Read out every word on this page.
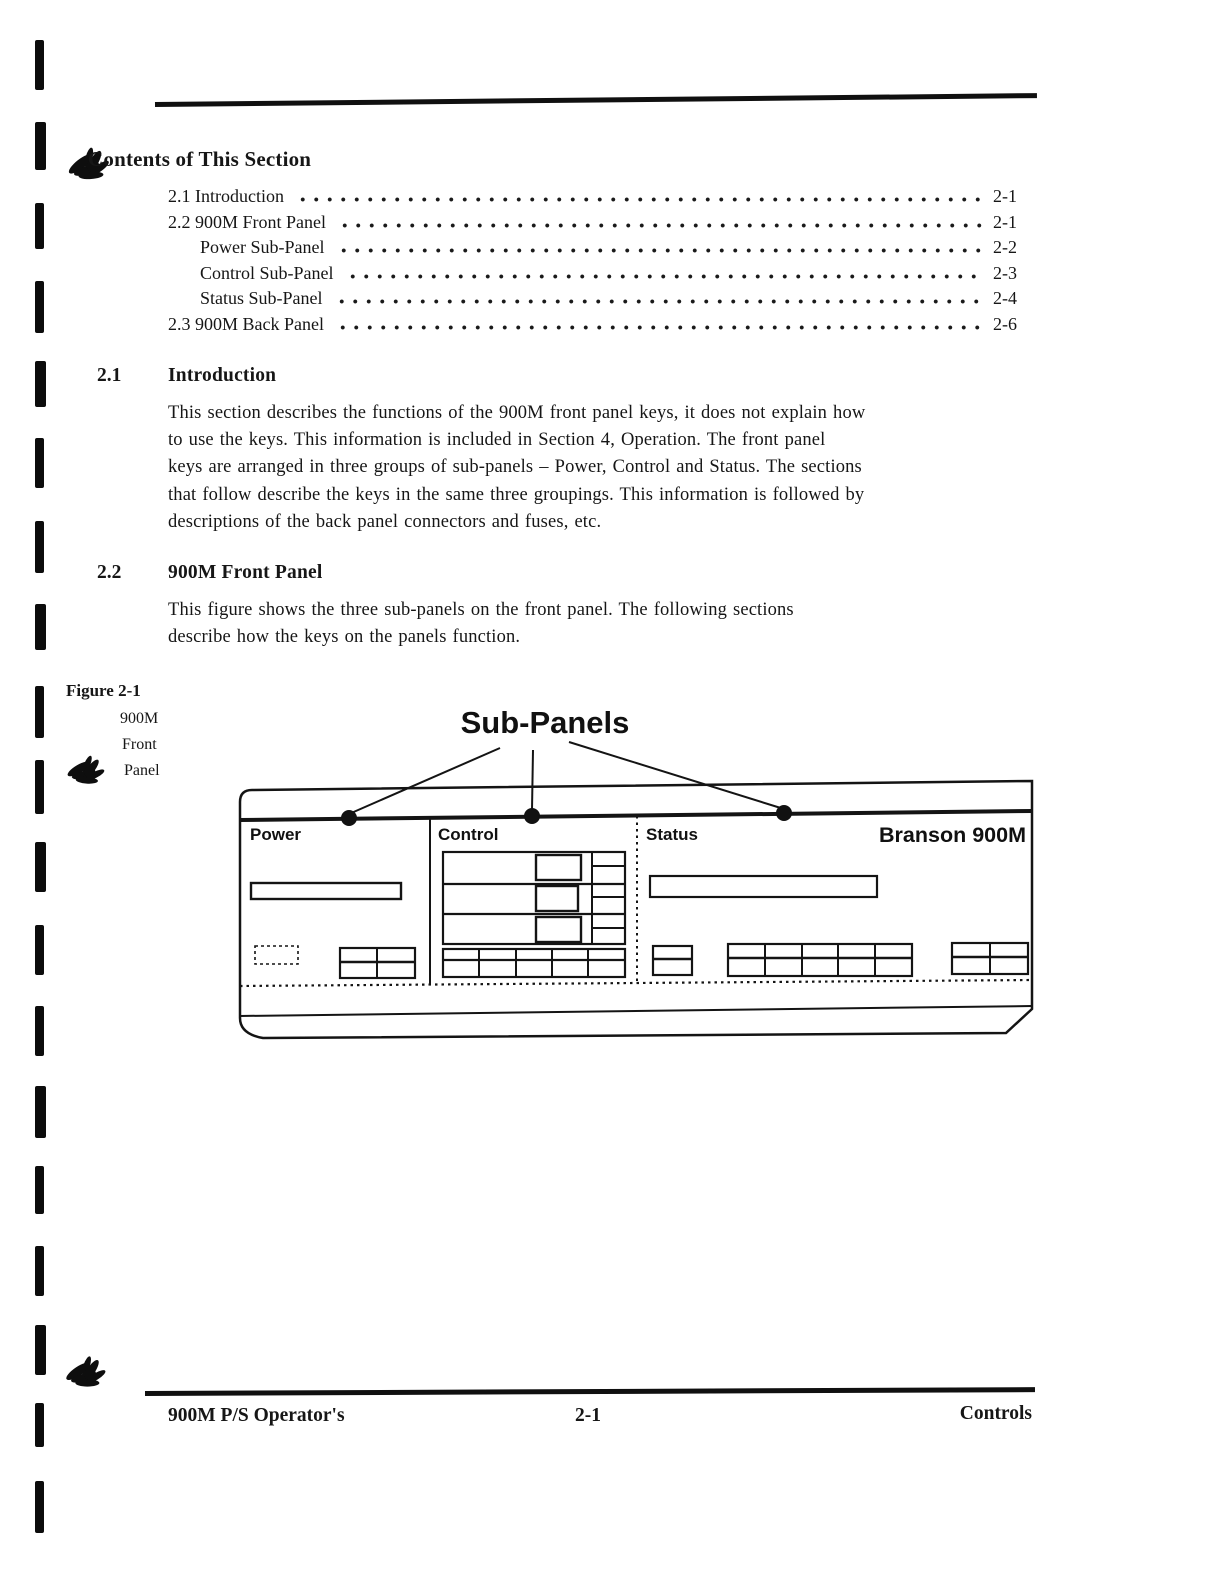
Contents of This Section
2.1 Introduction	2-1
2.2 900M Front Panel	2-1
Power Sub-Panel	2-2
Control Sub-Panel	2-3
Status Sub-Panel	2-4
2.3 900M Back Panel	2-6
2.1 Introduction
This section describes the functions of the 900M front panel keys, it does not explain how
to use the keys. This information is included in Section 4, Operation. The front panel
keys are arranged in three groups of sub-panels – Power, Control and Status. The sections
that follow describe the keys in the same three groupings. This information is followed by
descriptions of the back panel connectors and fuses, etc.
2.2 900M Front Panel
This figure shows the three sub-panels on the front panel. The following sections
describe how the keys on the panels function.
Figure 2-1
900M
Front
Panel
Sub-Panels
Power	Control	Status	Branson 900M
900M P/S Operator's	2-1	Controls
